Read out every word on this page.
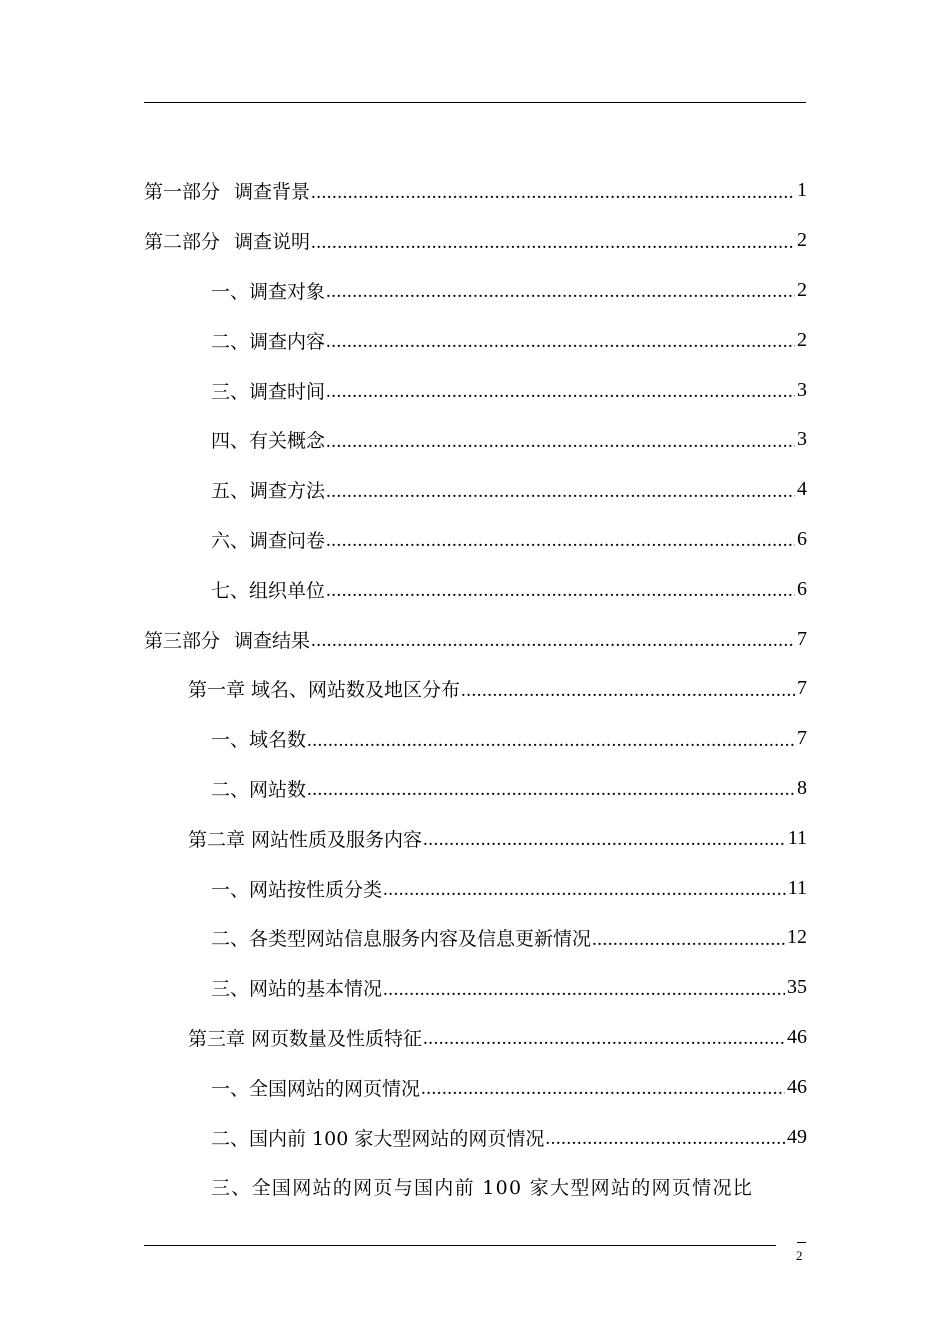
第一部分 调查背景 .....	1
第二部分 调查说明 .....	2
一、调查对象 .....	2
二、调查内容 .....	2
三、调查时间 .....	3
四、有关概念 .....	3
五、调查方法 .....	4
六、调查问卷 .....	6
七、组织单位 .....	6
第三部分 调查结果 .....	7
第一章 域名、网站数及地区分布 .....	7
一、域名数 .....	7
二、网站数 .....	8
第二章 网站性质及服务内容 .....	11
一、网站按性质分类 .....	11
二、各类型网站信息服务内容及信息更新情况 .....	12
三、网站的基本情况 .....	35
第三章 网页数量及性质特征 .....	46
一、全国网站的网页情况 .....	46
二、国内前 100 家大型网站的网页情况 .....	49
三、全国网站的网页与国内前 100 家大型网站的网页情况比
2
